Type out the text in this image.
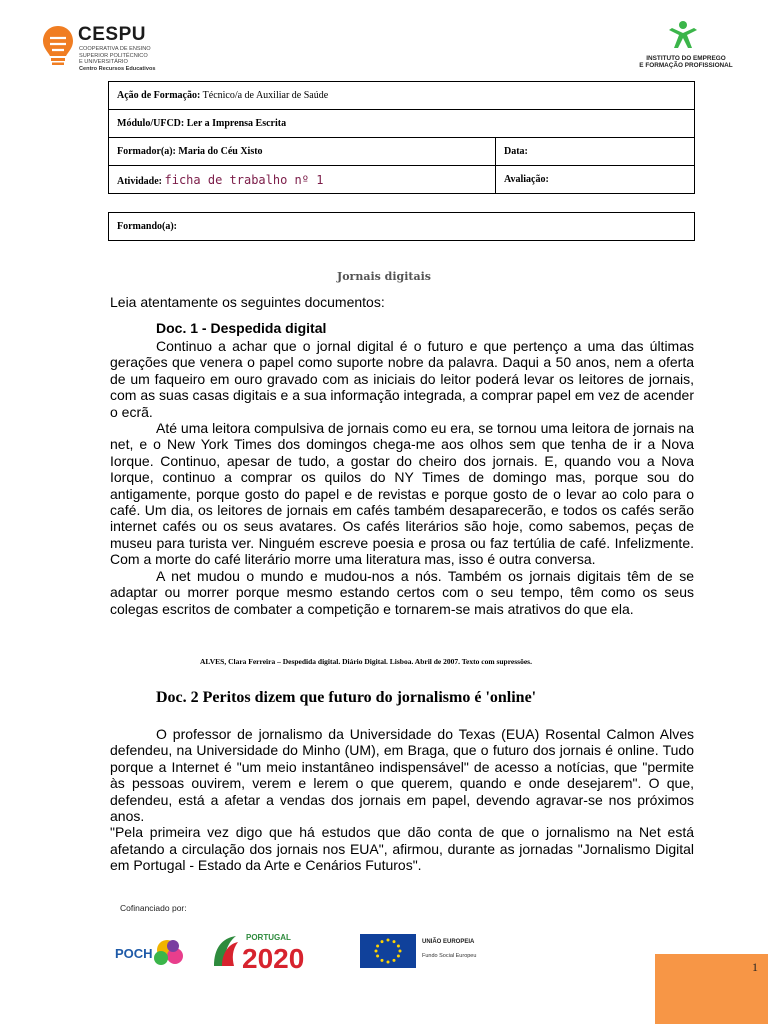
CESPU
COOPERATIVA DE ENSINO
SUPERIOR POLITÉCNICO
E UNIVERSITÁRIO
Centro Recursos Educativos
INSTITUTO DO EMPREGO
E FORMAÇÃO PROFISSIONAL
Ação de Formação: Técnico/a de Auxiliar de Saúde	
Módulo/UFCD: Ler a Imprensa Escrita	
Formador(a): Maria do Céu Xisto	Data:
Atividade: ficha de trabalho nº 1	Avaliação:
Formando(a):
Jornais digitais
Leia atentamente os seguintes documentos:
Doc. 1 - Despedida digital

Continuo a achar que o jornal digital é o futuro e que pertenço a uma das últimas gerações que venera o papel como suporte nobre da palavra. Daqui a 50 anos, nem a oferta de um faqueiro em ouro gravado com as iniciais do leitor poderá levar os leitores de jornais, com as suas casas digitais e a sua informação integrada, a comprar papel em vez de acender o ecrã.

Até uma leitora compulsiva de jornais como eu era, se tornou uma leitora de jornais na net, e o New York Times dos domingos chega-me aos olhos sem que tenha de ir a Nova Iorque. Continuo, apesar de tudo, a gostar do cheiro dos jornais. E, quando vou a Nova Iorque, continuo a comprar os quilos do NY Times de domingo mas, porque sou do antigamente, porque gosto do papel e de revistas e porque gosto de o levar ao colo para o café. Um dia, os leitores de jornais em cafés também desaparecerão, e todos os cafés serão internet cafés ou os seus avatares. Os cafés literários são hoje, como sabemos, peças de museu para turista ver. Ninguém escreve poesia e prosa ou faz tertúlia de café. Infelizmente. Com a morte do café literário morre uma literatura mas, isso é outra conversa.

A net mudou o mundo e mudou-nos a nós. Também os jornais digitais têm de se adaptar ou morrer porque mesmo estando certos com o seu tempo, têm como os seus colegas escritos de combater a competição e tornarem-se mais atrativos do que ela.

ALVES, Clara Ferreira – Despedida digital. Diário Digital. Lisboa. Abril de 2007. Texto com supressões.
Doc. 2 Peritos dizem que futuro do jornalismo é 'online'

O professor de jornalismo da Universidade do Texas (EUA) Rosental Calmon Alves defendeu, na Universidade do Minho (UM), em Braga, que o futuro dos jornais é online. Tudo porque a Internet é "um meio instantâneo indispensável" de acesso a notícias, que "permite às pessoas ouvirem, verem e lerem o que querem, quando e onde desejarem". O que, defendeu, está a afetar a vendas dos jornais em papel, devendo agravar-se nos próximos anos.

"Pela primeira vez digo que há estudos que dão conta de que o jornalismo na Net está afetando a circulação dos jornais nos EUA", afirmou, durante as jornadas "Jornalismo Digital em Portugal - Estado da Arte e Cenários Futuros".

Cofinanciado por:
POCH
PORTUGAL
2020
UNIÃO EUROPEIA
Fundo Social Europeu
1
